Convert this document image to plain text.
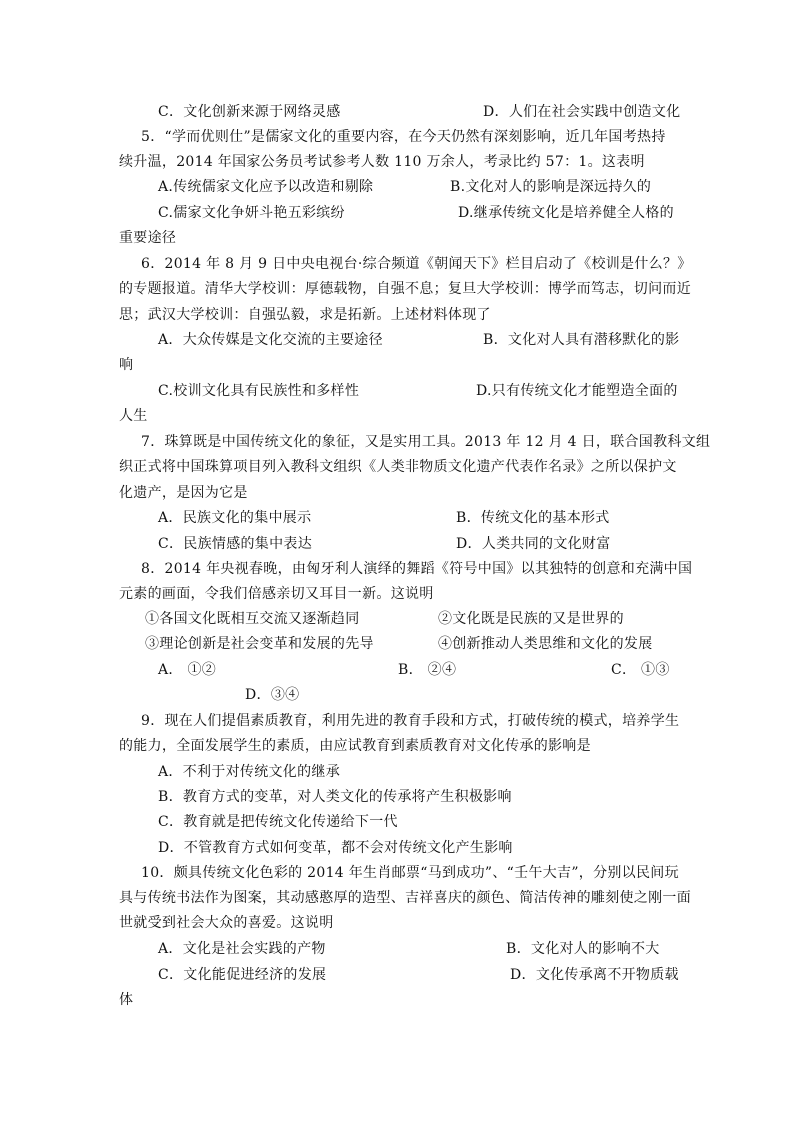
C．文化创新来源于网络灵感	D．人们在社会实践中创造文化
5．“学而优则仕”是儒家文化的重要内容，在今天仍然有深刻影响，近几年国考热持
续升温，2014 年国家公务员考试参考人数 110 万余人，考录比约 57：1。这表明
A.传统儒家文化应予以改造和剔除	B.文化对人的影响是深远持久的
C.儒家文化争妍斗艳五彩缤纷	D.继承传统文化是培养健全人格的
重要途径
6．2014 年 8 月 9 日中央电视台·综合频道《朝闻天下》栏目启动了《校训是什么？》
的专题报道。清华大学校训：厚德载物，自强不息；复旦大学校训：博学而笃志，切问而近
思；武汉大学校训：自强弘毅，求是拓新。上述材料体现了
A．大众传媒是文化交流的主要途径	B．文化对人具有潜移默化的影
响
C.校训文化具有民族性和多样性	D.只有传统文化才能塑造全面的
人生
7．珠算既是中国传统文化的象征，又是实用工具。2013 年 12 月 4 日，联合国教科文组
织正式将中国珠算项目列入教科文组织《人类非物质文化遗产代表作名录》之所以保护文
化遗产，是因为它是
A．民族文化的集中展示	B．传统文化的基本形式
C．民族情感的集中表达	D．人类共同的文化财富
8．2014 年央视春晚，由匈牙利人演绎的舞蹈《符号中国》以其独特的创意和充满中国
元素的画面，令我们倍感亲切又耳目一新。这说明
①各国文化既相互交流又逐渐趋同	②文化既是民族的又是世界的
③理论创新是社会变革和发展的先导	④创新推动人类思维和文化的发展
A． ①②	B． ②④	C． ①③
D．③④
9．现在人们提倡素质教育，利用先进的教育手段和方式，打破传统的模式，培养学生
的能力，全面发展学生的素质，由应试教育到素质教育对文化传承的影响是
A．不利于对传统文化的继承
B．教育方式的变革，对人类文化的传承将产生积极影响
C．教育就是把传统文化传递给下一代
D．不管教育方式如何变革，都不会对传统文化产生影响
10．颇具传统文化色彩的 2014 年生肖邮票“马到成功”、“壬午大吉”，分别以民间玩
具与传统书法作为图案，其动感憨厚的造型、吉祥喜庆的颜色、简洁传神的雕刻使之刚一面
世就受到社会大众的喜爱。这说明
A．文化是社会实践的产物	B．文化对人的影响不大
C．文化能促进经济的发展	D．文化传承离不开物质载
体
